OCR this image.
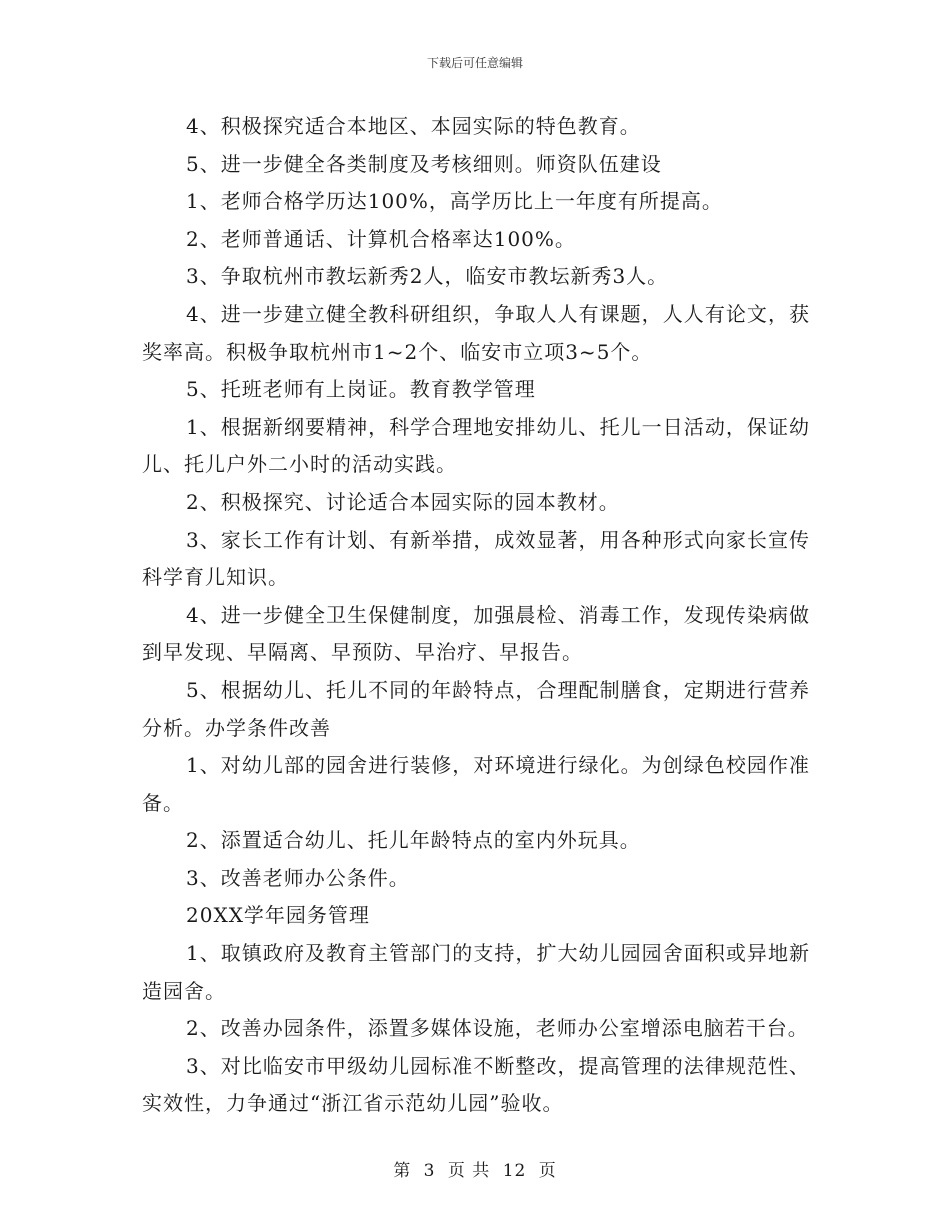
下载后可任意编辑

4、积极探究适合本地区、本园实际的特色教育。

5、进一步健全各类制度及考核细则。师资队伍建设

1、老师合格学历达100%，高学历比上一年度有所提高。

2、老师普通话、计算机合格率达100%。

3、争取杭州市教坛新秀2人，临安市教坛新秀3人。

4、进一步建立健全教科研组织，争取人人有课题，人人有论文，获奖率高。积极争取杭州市1~2个、临安市立项3~5个。

5、托班老师有上岗证。教育教学管理

1、根据新纲要精神，科学合理地安排幼儿、托儿一日活动，保证幼儿、托儿户外二小时的活动实践。

2、积极探究、讨论适合本园实际的园本教材。

3、家长工作有计划、有新举措，成效显著，用各种形式向家长宣传科学育儿知识。

4、进一步健全卫生保健制度，加强晨检、消毒工作，发现传染病做到早发现、早隔离、早预防、早治疗、早报告。

5、根据幼儿、托儿不同的年龄特点，合理配制膳食，定期进行营养分析。办学条件改善

1、对幼儿部的园舍进行装修，对环境进行绿化。为创绿色校园作准备。

2、添置适合幼儿、托儿年龄特点的室内外玩具。

3、改善老师办公条件。

20XX学年园务管理

1、取镇政府及教育主管部门的支持，扩大幼儿园园舍面积或异地新造园舍。

2、改善办园条件，添置多媒体设施，老师办公室增添电脑若干台。

3、对比临安市甲级幼儿园标准不断整改，提高管理的法律规范性、实效性，力争通过“浙江省示范幼儿园”验收。

第 3 页 共 12 页
